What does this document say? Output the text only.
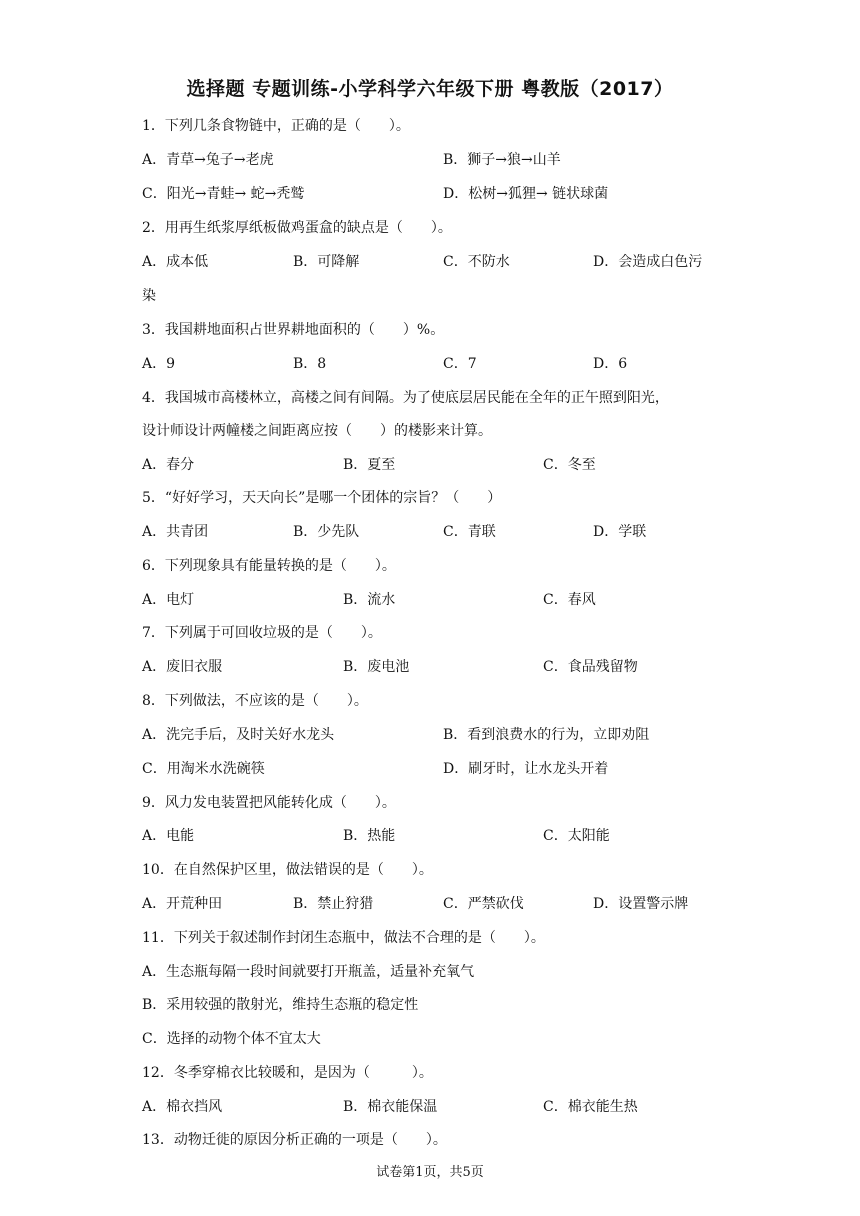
选择题 专题训练-小学科学六年级下册 粤教版（2017）
1．下列几条食物链中，正确的是（　　）。
A．青草→兔子→老虎	B．狮子→狼→山羊
C．阳光→青蛙→ 蛇→秃鹫	D．松树→狐狸→ 链状球菌
2．用再生纸浆厚纸板做鸡蛋盒的缺点是（　　）。
A．成本低	B．可降解	C．不防水	D．会造成白色污
染
3．我国耕地面积占世界耕地面积的（　　）%。
A．9	B．8	C．7	D．6
4．我国城市高楼林立，高楼之间有间隔。为了使底层居民能在全年的正午照到阳光，
设计师设计两幢楼之间距离应按（　　）的楼影来计算。
A．春分	B．夏至	C．冬至
5．“好好学习，天天向长”是哪一个团体的宗旨？（　　）
A．共青团	B．少先队	C．青联	D．学联
6．下列现象具有能量转换的是（　　）。
A．电灯	B．流水	C．春风
7．下列属于可回收垃圾的是（　　）。
A．废旧衣服	B．废电池	C．食品残留物
8．下列做法，不应该的是（　　）。
A．洗完手后，及时关好水龙头	B．看到浪费水的行为，立即劝阻
C．用淘米水洗碗筷	D．刷牙时，让水龙头开着
9．风力发电装置把风能转化成（　　）。
A．电能	B．热能	C．太阳能
10．在自然保护区里，做法错误的是（　　）。
A．开荒种田	B．禁止狩猎	C．严禁砍伐	D．设置警示牌
11．下列关于叙述制作封闭生态瓶中，做法不合理的是（　　）。
A．生态瓶每隔一段时间就要打开瓶盖，适量补充氧气
B．采用较强的散射光，维持生态瓶的稳定性
C．选择的动物个体不宜太大
12．冬季穿棉衣比较暖和，是因为（　　　）。
A．棉衣挡风	B．棉衣能保温	C．棉衣能生热
13．动物迁徙的原因分析正确的一项是（　　）。
试卷第1页，共5页
